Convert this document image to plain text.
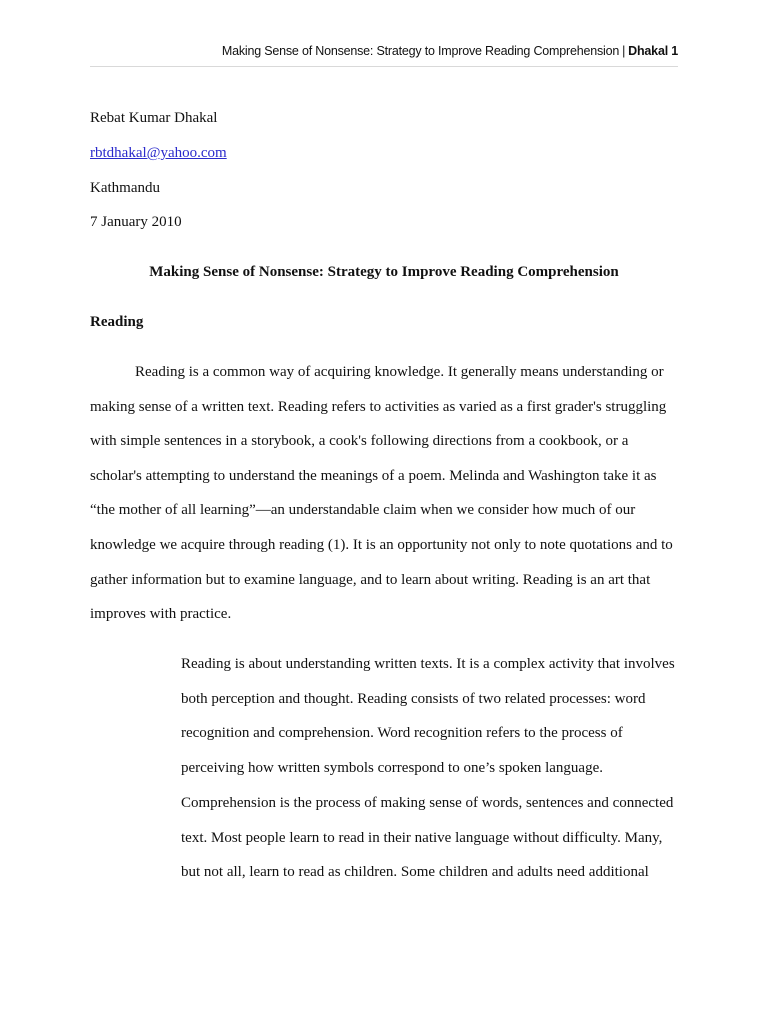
Making Sense of Nonsense: Strategy to Improve Reading Comprehension | Dhakal 1
Rebat Kumar Dhakal
rbtdhakal@yahoo.com
Kathmandu
7 January 2010
Making Sense of Nonsense: Strategy to Improve Reading Comprehension
Reading
Reading is a common way of acquiring knowledge. It generally means understanding or
making sense of a written text. Reading refers to activities as varied as a first grader's struggling
with simple sentences in a storybook, a cook's following directions from a cookbook, or a
scholar's attempting to understand the meanings of a poem. Melinda and Washington take it as
“the mother of all learning”—an understandable claim when we consider how much of our
knowledge we acquire through reading (1). It is an opportunity not only to note quotations and to
gather information but to examine language, and to learn about writing. Reading is an art that
improves with practice.
Reading is about understanding written texts. It is a complex activity that involves
both perception and thought. Reading consists of two related processes: word
recognition and comprehension. Word recognition refers to the process of
perceiving how written symbols correspond to one’s spoken language.
Comprehension is the process of making sense of words, sentences and connected
text. Most people learn to read in their native language without difficulty. Many,
but not all, learn to read as children. Some children and adults need additional
